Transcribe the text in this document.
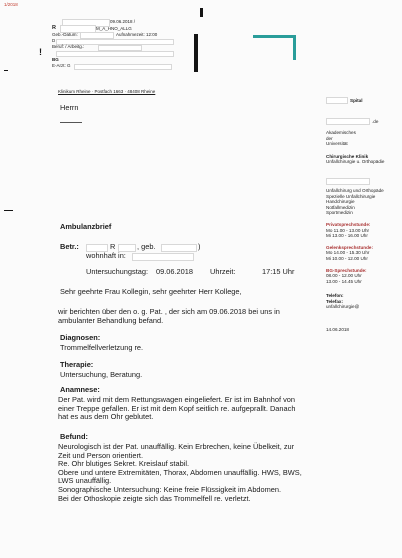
1/2018
09.06.2018 /
R	M_A_HNO_ALLG
Geb.-Datum:	Aufnahmezeit: 12:00
D
Beruf: / Arbeitg.:
!
BG
E-Arzt: G
Klinikum Rheine · Postfach 1663 · 48408 Rheine
Herrn
Spital
.de
Akademisches
der
Universität
Chirurgische Klinik
Unfallchirurgie u. Orthopädie
Unfallchirurg und Orthopäde
Spezielle Unfallchirurgie
Handchirurgie
Notfallmedizin
Sportmedizin
Privatsprechstunde:
Mo 11.00 - 13.00 Uhr
Mi 13.00 - 16.00 Uhr
Gelenksprechstunde:
Mo 14.00 - 15.30 Uhr
Mi 10.00 - 12.00 Uhr
BG-Sprechstunde:
08.00 - 12.00 Uhr
13.00 - 14.45 Uhr
Telefon:
Telefax:
unfallchirurgie@
14.06.2018
Ambulanzbrief
Betr.:	R	, geb.	)
wohnhaft in:
Untersuchungstag: 09.06.2018 Uhrzeit:	17:15 Uhr
Sehr geehrte Frau Kollegin, sehr geehrter Herr Kollege,
wir berichten über den o. g. Pat. , der sich am 09.06.2018 bei uns in
ambulanter Behandlung befand.
Diagnosen:
Trommelfellverletzung re.
Therapie:
Untersuchung, Beratung.
Anamnese:
Der Pat. wird mit dem Rettungswagen eingeliefert. Er ist im Bahnhof von
einer Treppe gefallen. Er ist mit dem Kopf seitlich re. aufgeprallt. Danach
hat es aus dem Ohr geblutet.
Befund:
Neurologisch ist der Pat. unauffällig. Kein Erbrechen, keine Übelkeit, zur
Zeit und Person orientiert.
Re. Ohr blutiges Sekret. Kreislauf stabil.
Obere und untere Extremitäten, Thorax, Abdomen unauffällig. HWS, BWS,
LWS unauffällig.
Sonographische Untersuchung: Keine freie Flüssigkeit im Abdomen.
Bei der Othoskopie zeigte sich das Trommelfell re. verletzt.
